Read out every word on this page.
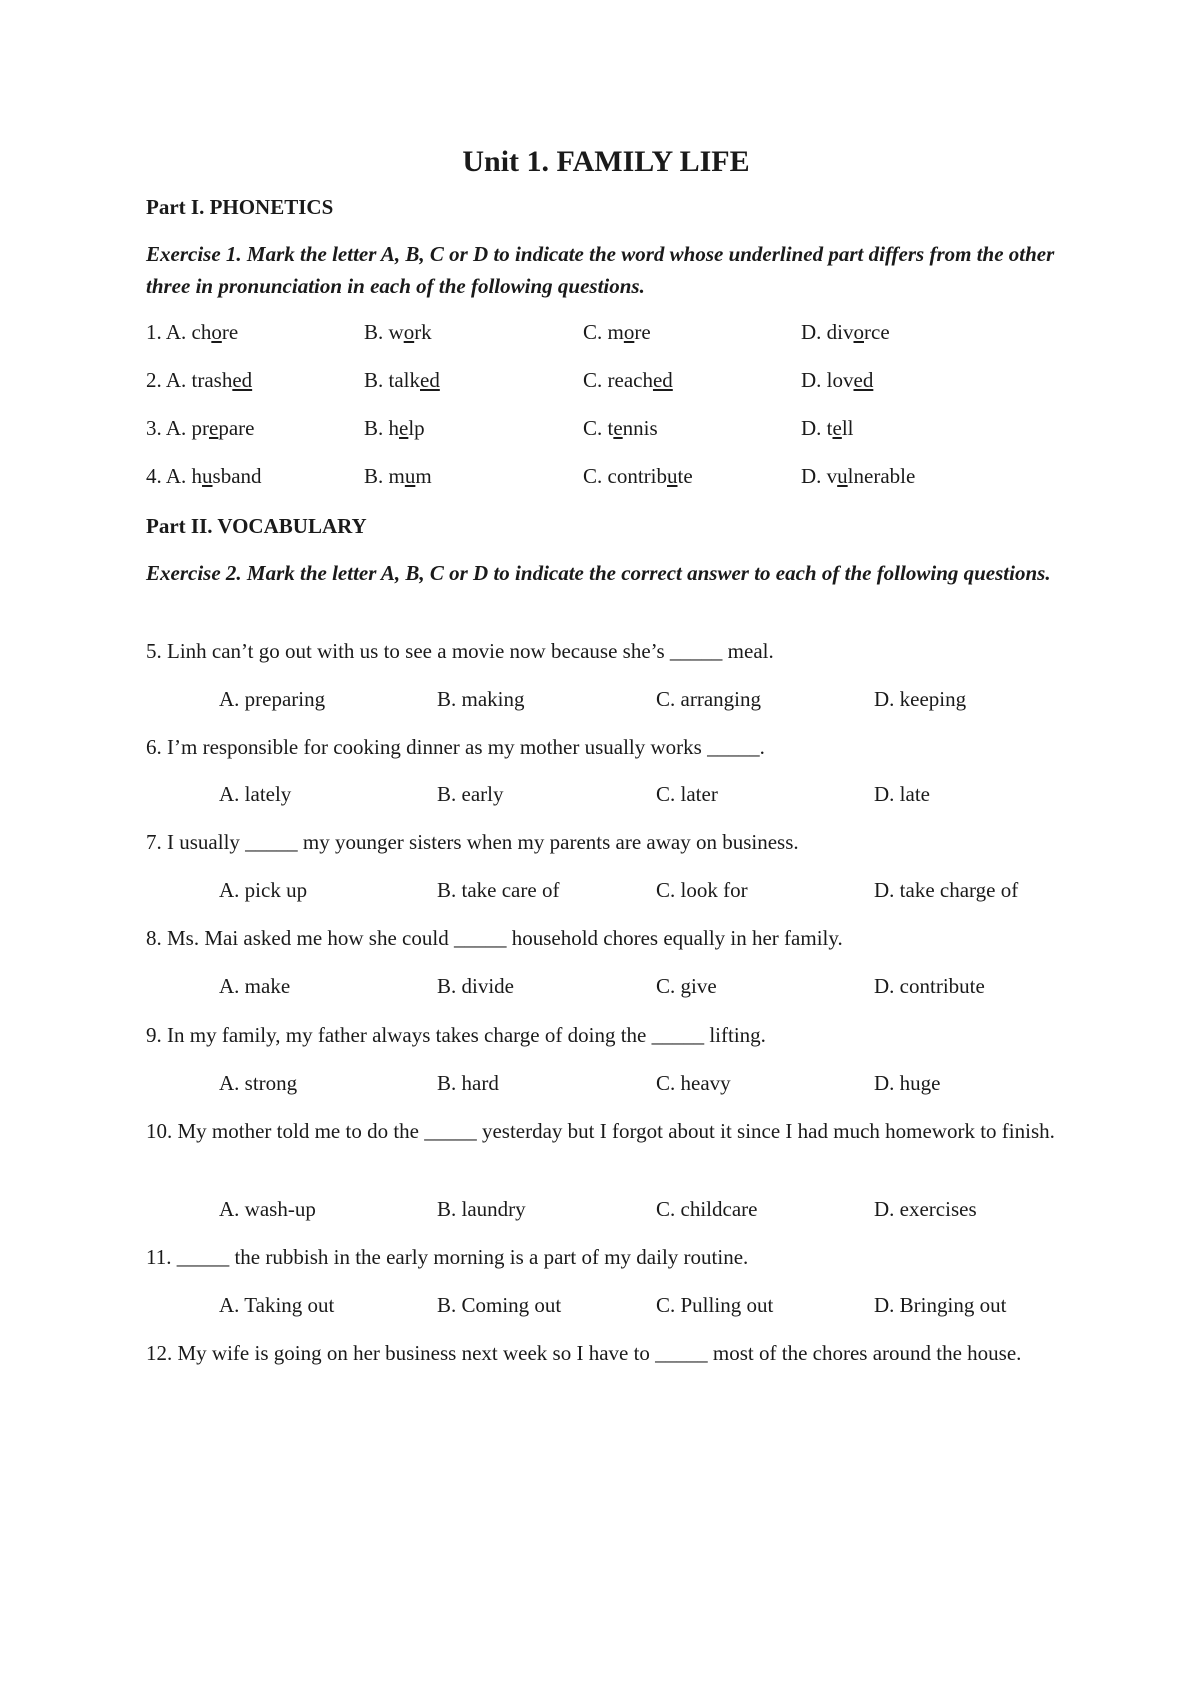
Unit 1. FAMILY LIFE
Part I. PHONETICS

Exercise 1. Mark the letter A, B, C or D to indicate the word whose underlined part differs from the other three in pronunciation in each of the following questions.

1. A. chore	B. work	C. more	D. divorce
2. A. trashed	B. talked	C. reached	D. loved
3. A. prepare	B. help	C. tennis	D. tell
4. A. husband	B. mum	C. contribute	D. vulnerable
Part II. VOCABULARY

Exercise 2. Mark the letter A, B, C or D to indicate the correct answer to each of the following questions.

5. Linh can’t go out with us to see a movie now because she’s _____ meal.

A. preparing	B. making	C. arranging	D. keeping

6. I’m responsible for cooking dinner as my mother usually works _____.

A. lately	B. early	C. later	D. late

7. I usually _____ my younger sisters when my parents are away on business.

A. pick up	B. take care of	C. look for	D. take charge of

8. Ms. Mai asked me how she could _____ household chores equally in her family.

A. make	B. divide	C. give	D. contribute

9. In my family, my father always takes charge of doing the _____ lifting.

A. strong	B. hard	C. heavy	D. huge

10. My mother told me to do the _____ yesterday but I forgot about it since I had much homework to finish.

A. wash-up	B. laundry	C. childcare	D. exercises

11. _____ the rubbish in the early morning is a part of my daily routine.

A. Taking out	B. Coming out	C. Pulling out	D. Bringing out

12. My wife is going on her business next week so I have to _____ most of the chores around the house.
